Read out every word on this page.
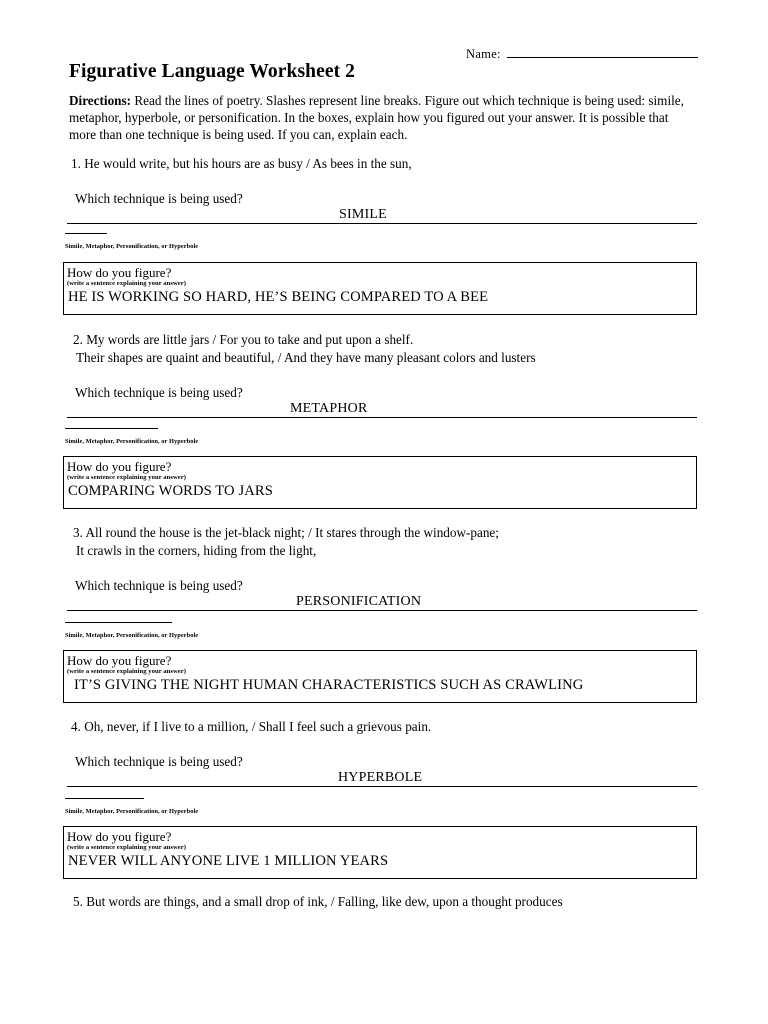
Name:
Figurative Language Worksheet 2
Directions: Read the lines of poetry. Slashes represent line breaks. Figure out which technique is being used: simile, metaphor, hyperbole, or personification. In the boxes, explain how you figured out your answer. It is possible that more than one technique is being used. If you can, explain each.
1. He would write, but his hours are as busy / As bees in the sun,
Which technique is being used?
SIMILE
Simile, Metaphor, Personification, or Hyperbole
How do you figure?
(write a sentence explaining your answer)
HE IS WORKING SO HARD, HE’S BEING COMPARED TO A BEE
2. My words are little jars / For you to take and put upon a shelf.
Their shapes are quaint and beautiful, / And they have many pleasant colors and lusters
Which technique is being used?
METAPHOR
Simile, Metaphor, Personification, or Hyperbole
How do you figure?
(write a sentence explaining your answer)
COMPARING WORDS TO JARS
3. All round the house is the jet-black night; / It stares through the window-pane;
It crawls in the corners, hiding from the light,
Which technique is being used?
PERSONIFICATION
Simile, Metaphor, Personification, or Hyperbole
How do you figure?
(write a sentence explaining your answer)
IT’S GIVING THE NIGHT HUMAN CHARACTERISTICS SUCH AS CRAWLING
4. Oh, never, if I live to a million, / Shall I feel such a grievous pain.
Which technique is being used?
HYPERBOLE
Simile, Metaphor, Personification, or Hyperbole
How do you figure?
(write a sentence explaining your answer)
NEVER WILL ANYONE LIVE 1 MILLION YEARS
5. But words are things, and a small drop of ink, / Falling, like dew, upon a thought produces
